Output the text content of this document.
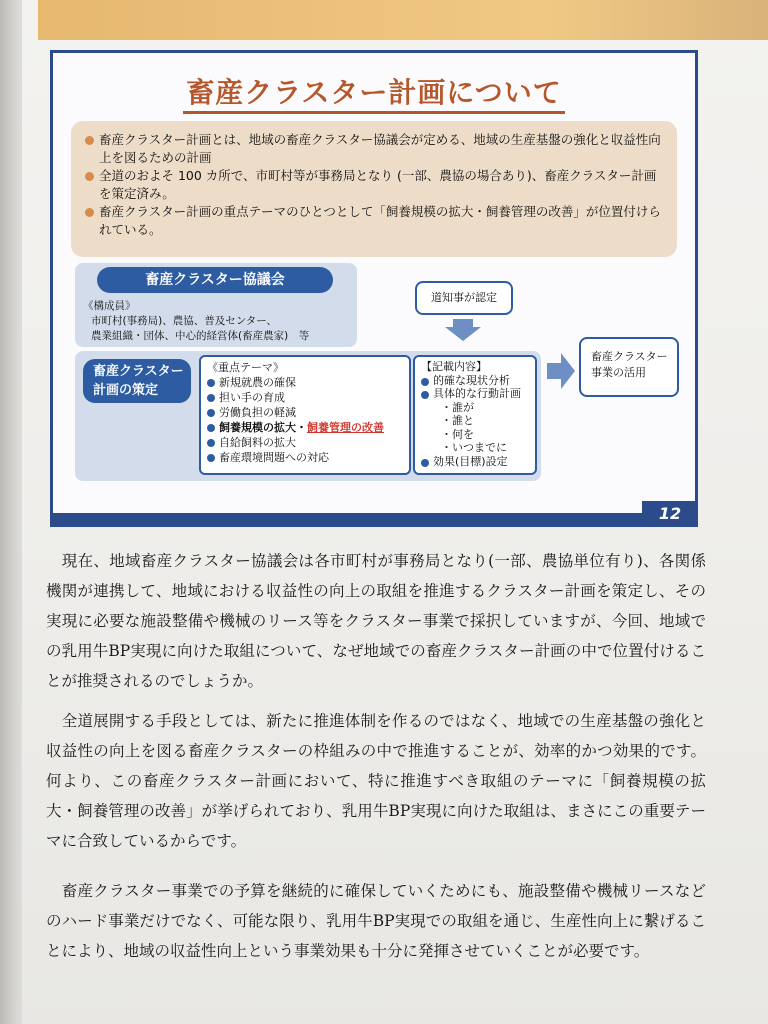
畜産クラスター計画について
畜産クラスター計画とは、地域の畜産クラスター協議会が定める、地域の生産基盤の強化と収益性向上を図るための計画
全道のおよそ 100 カ所で、市町村等が事務局となり (一部、農協の場合あり)、畜産クラスター計画を策定済み。
畜産クラスター計画の重点テーマのひとつとして「飼養規模の拡大・飼養管理の改善」が位置付けられている。
畜産クラスター協議会
《構成員》
市町村(事務局)、農協、普及センター、
農業組織・団体、中心的経営体(畜産農家)　等
道知事が認定
畜産クラスター
計画の策定
《重点テーマ》
新規就農の確保
担い手の育成
労働負担の軽減
飼養規模の拡大・飼養管理の改善
自給飼料の拡大
畜産環境問題への対応
【記載内容】
的確な現状分析
具体的な行動計画
・誰が
・誰と
・何を
・いつまでに
効果(目標)設定
畜産クラスター
事業の活用
12
　現在、地域畜産クラスター協議会は各市町村が事務局となり(一部、農協単位有り)、各関係機関が連携して、地域における収益性の向上の取組を推進するクラスター計画を策定し、その実現に必要な施設整備や機械のリース等をクラスター事業で採択していますが、今回、地域での乳用牛BP実現に向けた取組について、なぜ地域での畜産クラスター計画の中で位置付けることが推奨されるのでしょうか。
　全道展開する手段としては、新たに推進体制を作るのではなく、地域での生産基盤の強化と収益性の向上を図る畜産クラスターの枠組みの中で推進することが、効率的かつ効果的です。何より、この畜産クラスター計画において、特に推進すべき取組のテーマに「飼養規模の拡大・飼養管理の改善」が挙げられており、乳用牛BP実現に向けた取組は、まさにこの重要テーマに合致しているからです。
　畜産クラスター事業での予算を継続的に確保していくためにも、施設整備や機械リースなどのハード事業だけでなく、可能な限り、乳用牛BP実現での取組を通じ、生産性向上に繋げることにより、地域の収益性向上という事業効果も十分に発揮させていくことが必要です。
